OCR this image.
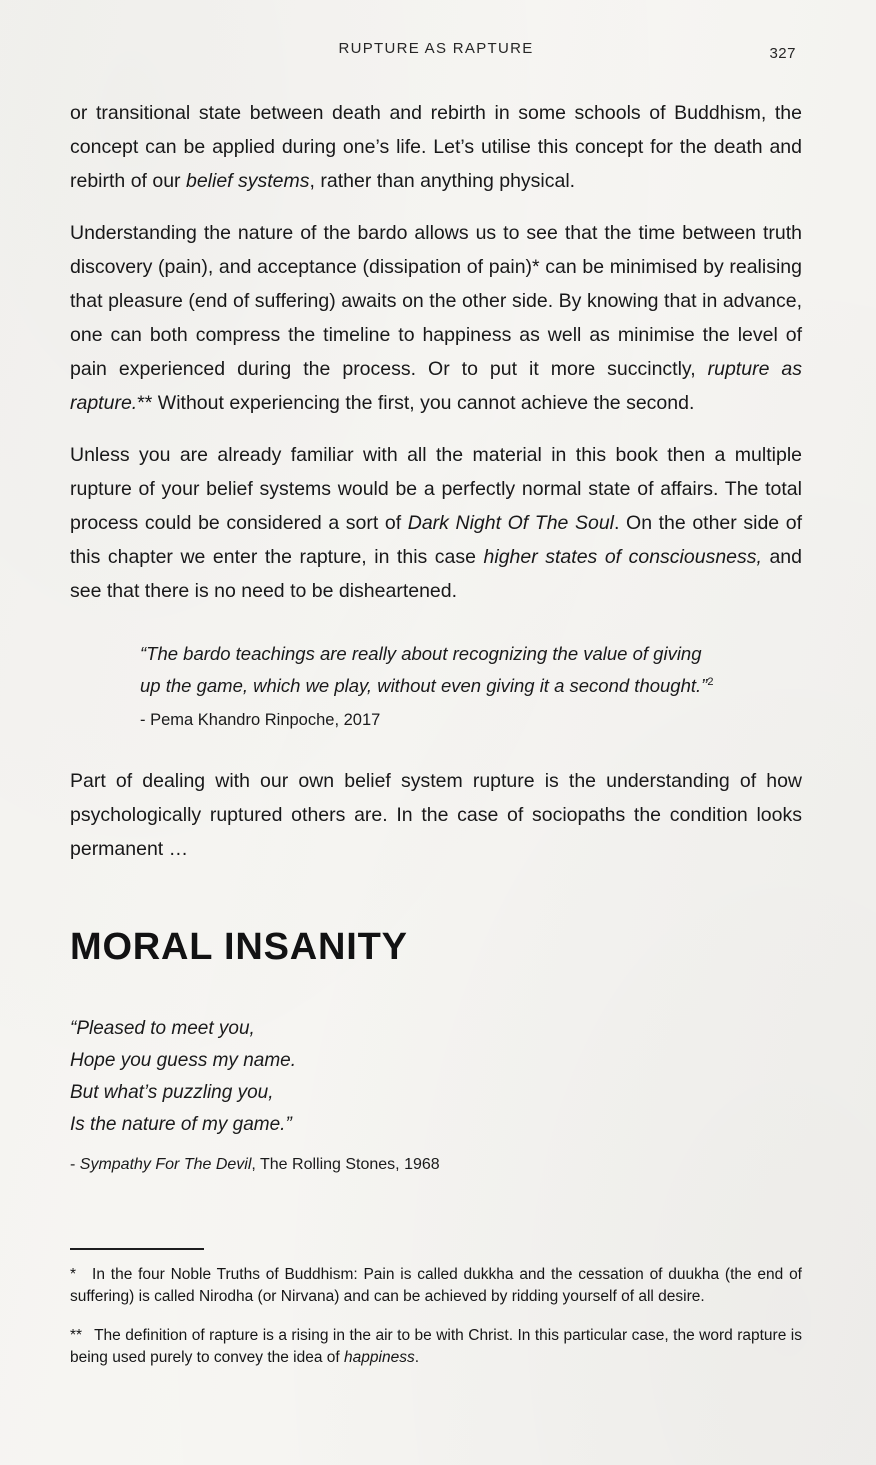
RUPTURE AS RAPTURE	327

or transitional state between death and rebirth in some schools of Buddhism, the concept can be applied during one’s life. Let’s utilise this concept for the death and rebirth of our belief systems, rather than anything physical.

Understanding the nature of the bardo allows us to see that the time between truth discovery (pain), and acceptance (dissipation of pain)* can be minimised by realising that pleasure (end of suffering) awaits on the other side. By knowing that in advance, one can both compress the timeline to happiness as well as minimise the level of pain experienced during the process. Or to put it more succinctly, rupture as rapture.** Without experiencing the first, you cannot achieve the second.

Unless you are already familiar with all the material in this book then a multiple rupture of your belief systems would be a perfectly normal state of affairs. The total process could be considered a sort of Dark Night Of The Soul. On the other side of this chapter we enter the rapture, in this case higher states of consciousness, and see that there is no need to be disheartened.

“The bardo teachings are really about recognizing the value of giving up the game, which we play, without even giving it a second thought.”$^2$ - Pema Khandro Rinpoche, 2017

Part of dealing with our own belief system rupture is the understanding of how psychologically ruptured others are. In the case of sociopaths the condition looks permanent …

MORAL INSANITY
“Pleased to meet you,
Hope you guess my name.
But what’s puzzling you,
Is the nature of my game.”

- Sympathy For The Devil, The Rolling Stones, 1968

* In the four Noble Truths of Buddhism: Pain is called dukkha and the cessation of duukha (the end of suffering) is called Nirodha (or Nirvana) and can be achieved by ridding yourself of all desire.

** The definition of rapture is a rising in the air to be with Christ. In this particular case, the word rapture is being used purely to convey the idea of happiness.
